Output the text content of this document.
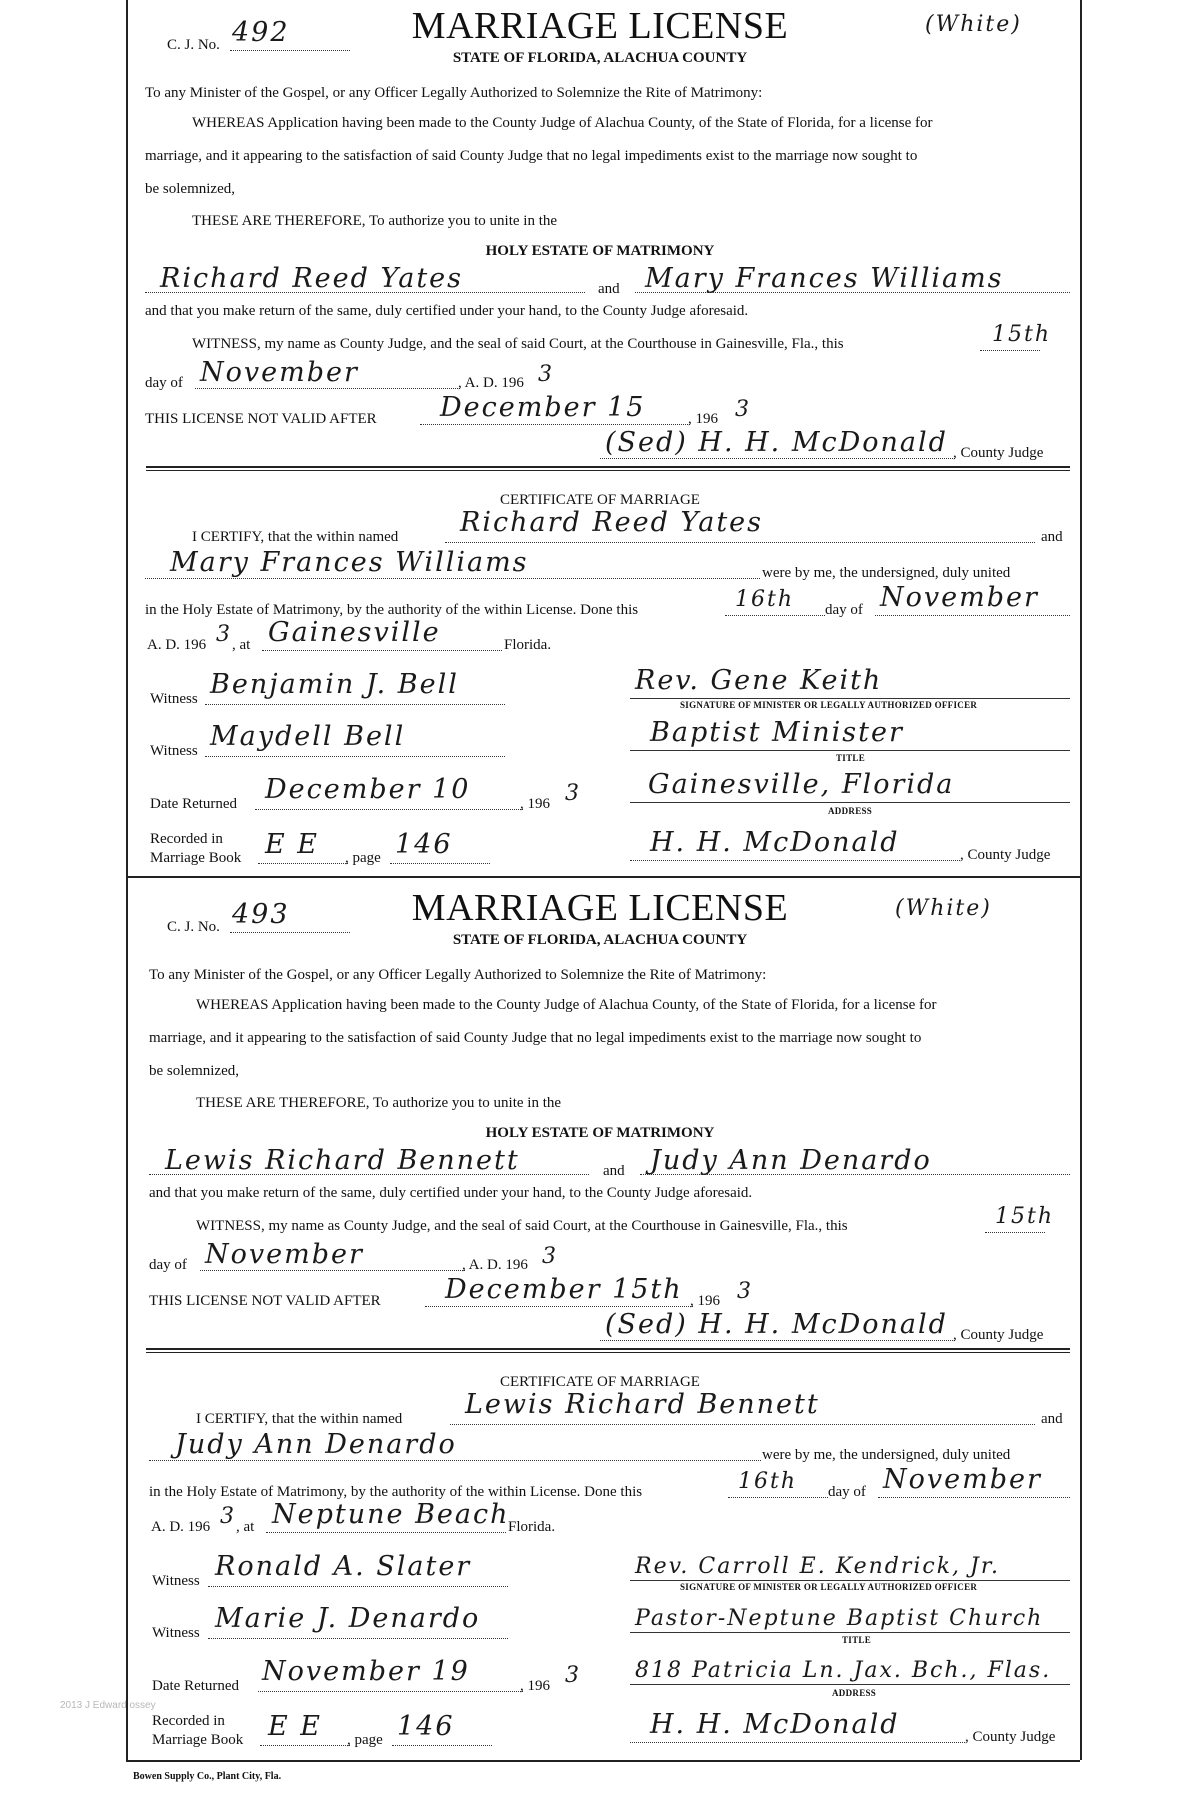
C. J. No. 492	MARRIAGE LICENSE	(White)
STATE OF FLORIDA, ALACHUA COUNTY
To any Minister of the Gospel, or any Officer Legally Authorized to Solemnize the Rite of Matrimony:
WHEREAS Application having been made to the County Judge of Alachua County, of the State of Florida, for a license for
marriage, and it appearing to the satisfaction of said County Judge that no legal impediments exist to the marriage now sought to
be solemnized,
THESE ARE THEREFORE, To authorize you to unite in the
HOLY ESTATE OF MATRIMONY
Richard Reed Yates	and Mary Frances Williams
and that you make return of the same, duly certified under your hand, to the County Judge aforesaid.
WITNESS, my name as County Judge, and the seal of said Court, at the Courthouse in Gainesville, Fla., this	15th
day of November	, A. D. 196 3
THIS LICENSE NOT VALID AFTER December 15	, 196 3
(Sed) H. H. McDonald , County Judge
CERTIFICATE OF MARRIAGE
I CERTIFY, that the within named Richard Reed Yates	and
Mary Frances Williams	were by me, the undersigned, duly united
in the Holy Estate of Matrimony, by the authority of the within License. Done this	16th day of November
A. D. 196 3 , at Gainesville	Florida.
Witness Benjamin J. Bell	Rev. Gene Keith
SIGNATURE OF MINISTER OR LEGALLY AUTHORIZED OFFICER
Witness Maydell Bell	Baptist Minister
TITLE
Date Returned December 10	, 196 3 Gainesville, Florida
ADDRESS
Recorded in
Marriage Book E E , page 146	H. H. McDonald	, County Judge
C. J. No. 493	MARRIAGE LICENSE	(White)
STATE OF FLORIDA, ALACHUA COUNTY
To any Minister of the Gospel, or any Officer Legally Authorized to Solemnize the Rite of Matrimony:
WHEREAS Application having been made to the County Judge of Alachua County, of the State of Florida, for a license for
marriage, and it appearing to the satisfaction of said County Judge that no legal impediments exist to the marriage now sought to
be solemnized,
THESE ARE THEREFORE, To authorize you to unite in the
HOLY ESTATE OF MATRIMONY
Lewis Richard Bennett	and Judy Ann Denardo
and that you make return of the same, duly certified under your hand, to the County Judge aforesaid.
WITNESS, my name as County Judge, and the seal of said Court, at the Courthouse in Gainesville, Fla., this	15th
day of November	, A. D. 196 3
THIS LICENSE NOT VALID AFTER December 15th , 196 3
(Sed) H. H. McDonald , County Judge
CERTIFICATE OF MARRIAGE
I CERTIFY, that the within named Lewis Richard Bennett	and
Judy Ann Denardo	were by me, the undersigned, duly united
in the Holy Estate of Matrimony, by the authority of the within License. Done this	16th day of November
A. D. 196 3 , at Neptune Beach
Florida.
Witness Ronald A. Slater	Rev. Carroll E. Kendrick, Jr.
SIGNATURE OF MINISTER OR LEGALLY AUTHORIZED OFFICER
Witness Marie J. Denardo	Pastor-Neptune Baptist Church
TITLE
Date Returned November 19	, 196 3 818 Patricia Ln. Jax. Bch., Flas.
ADDRESS
Recorded in
Marriage Book E E , page 146	H. H. McDonald	, County Judge
Bowen Supply Co., Plant City, Fla.
2013 J Edward ossey
